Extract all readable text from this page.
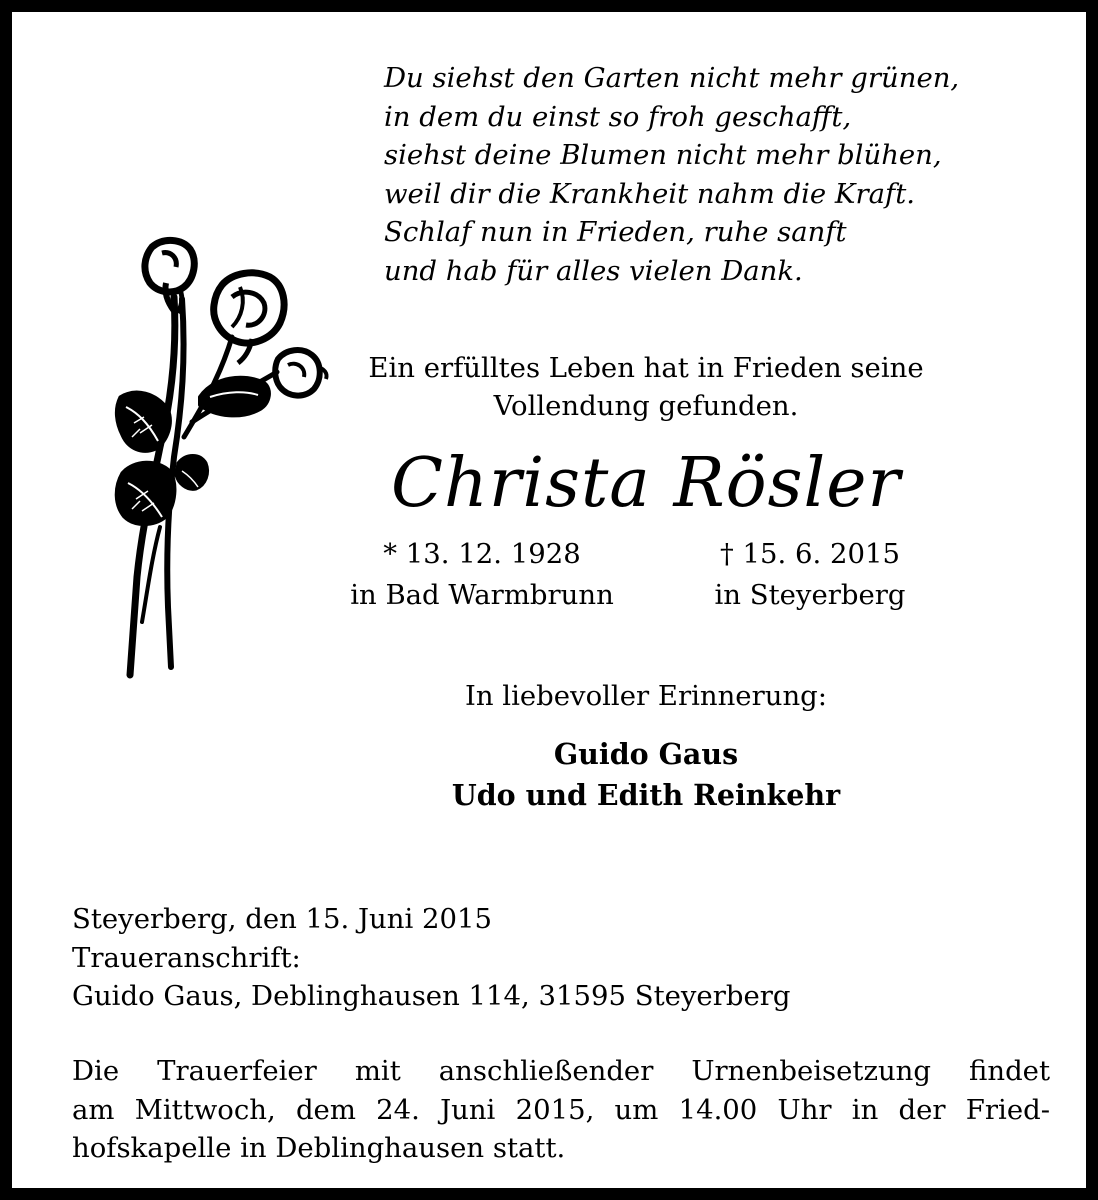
Du siehst den Garten nicht mehr grünen,
in dem du einst so froh geschafft,
siehst deine Blumen nicht mehr blühen,
weil dir die Krankheit nahm die Kraft.
Schlaf nun in Frieden, ruhe sanft
und hab für alles vielen Dank.
Ein erfülltes Leben hat in Frieden seine
Vollendung gefunden.
Christa Rösler
* 13. 12. 1928
in Bad Warmbrunn
† 15. 6. 2015
in Steyerberg
In liebevoller Erinnerung:
Guido Gaus
Udo und Edith Reinkehr
Steyerberg, den 15. Juni 2015
Traueranschrift:
Guido Gaus, Deblinghausen 114, 31595 Steyerberg
Die Trauerfeier mit anschließender Urnenbeisetzung findet
am Mittwoch, dem 24. Juni 2015, um 14.00 Uhr in der Fried-
hofskapelle in Deblinghausen statt.
